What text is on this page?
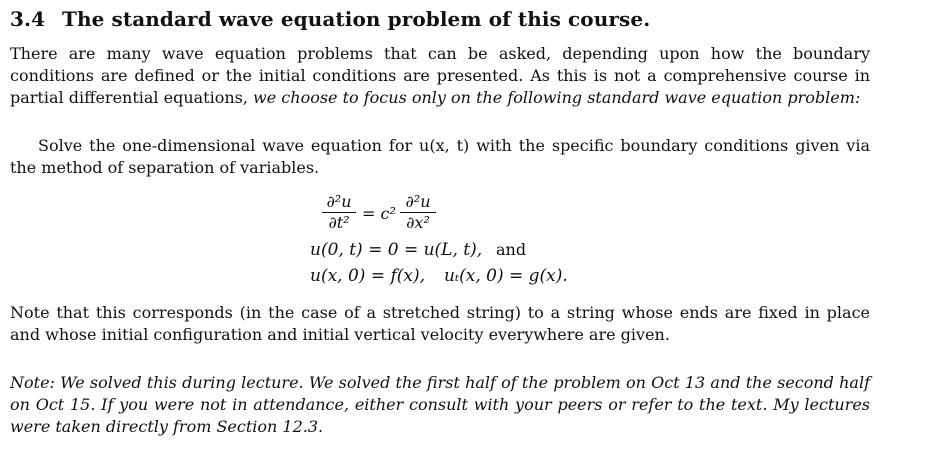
3.4 The standard wave equation problem of this course.
There are many wave equation problems that can be asked, depending upon how the boundary conditions are defined or the initial conditions are presented. As this is not a comprehensive course in partial differential equations, we choose to focus only on the following standard wave equation problem:
Solve the one-dimensional wave equation for u(x, t) with the specific boundary conditions given via the method of separation of variables.
∂²u
∂t² = c²
∂²u
∂x²
u(0, t) = 0 = u(L, t), and
u(x, 0) = f(x), uₜ(x, 0) = g(x).
Note that this corresponds (in the case of a stretched string) to a string whose ends are fixed in place and whose initial configuration and initial vertical velocity everywhere are given.
Note: We solved this during lecture. We solved the first half of the problem on Oct 13 and the second half on Oct 15. If you were not in attendance, either consult with your peers or refer to the text. My lectures were taken directly from Section 12.3.
